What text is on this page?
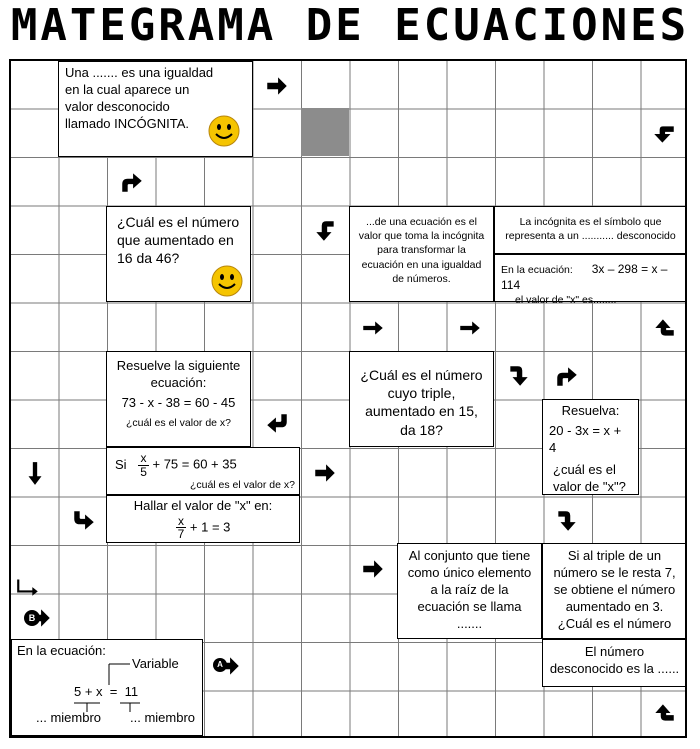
MATEGRAMA DE ECUACIONES
Una ....... es una igualdad en la cual aparece un valor desconocido llamado INCÓGNITA.
¿Cuál es el número que aumentado en 16 da 46?
...de una ecuación es el valor que toma la incógnita para transformar la ecuación en una igualdad de números.
La incógnita es el símbolo que representa a un ........... desconocido
En la ecuación: 3x – 298 = x – 114
el valor de "x" es........
Resuelve la siguiente ecuación:
73 - x - 38 = 60 - 45
¿cuál es el valor de x?
¿Cuál es el número cuyo triple, aumentado en 15, da 18?
Resuelva:
20 - 3x = x + 4
¿cuál es el valor de "x"?
Si $\frac{x}{5} + 75 = 60 + 35$
¿cuál es el valor de x?
Hallar el valor de "x" en:
$\frac{x}{7} + 1 = 3$
Al conjunto que tiene como único elemento a la raíz de la ecuación se llama .......
Si al triple de un número se le resta 7, se obtiene el número aumentado en 3. ¿Cuál es el número
El número desconocido es la ......
En la ecuación:
Variable
5 + x  =  11
... miembro ... miembro
B
A
